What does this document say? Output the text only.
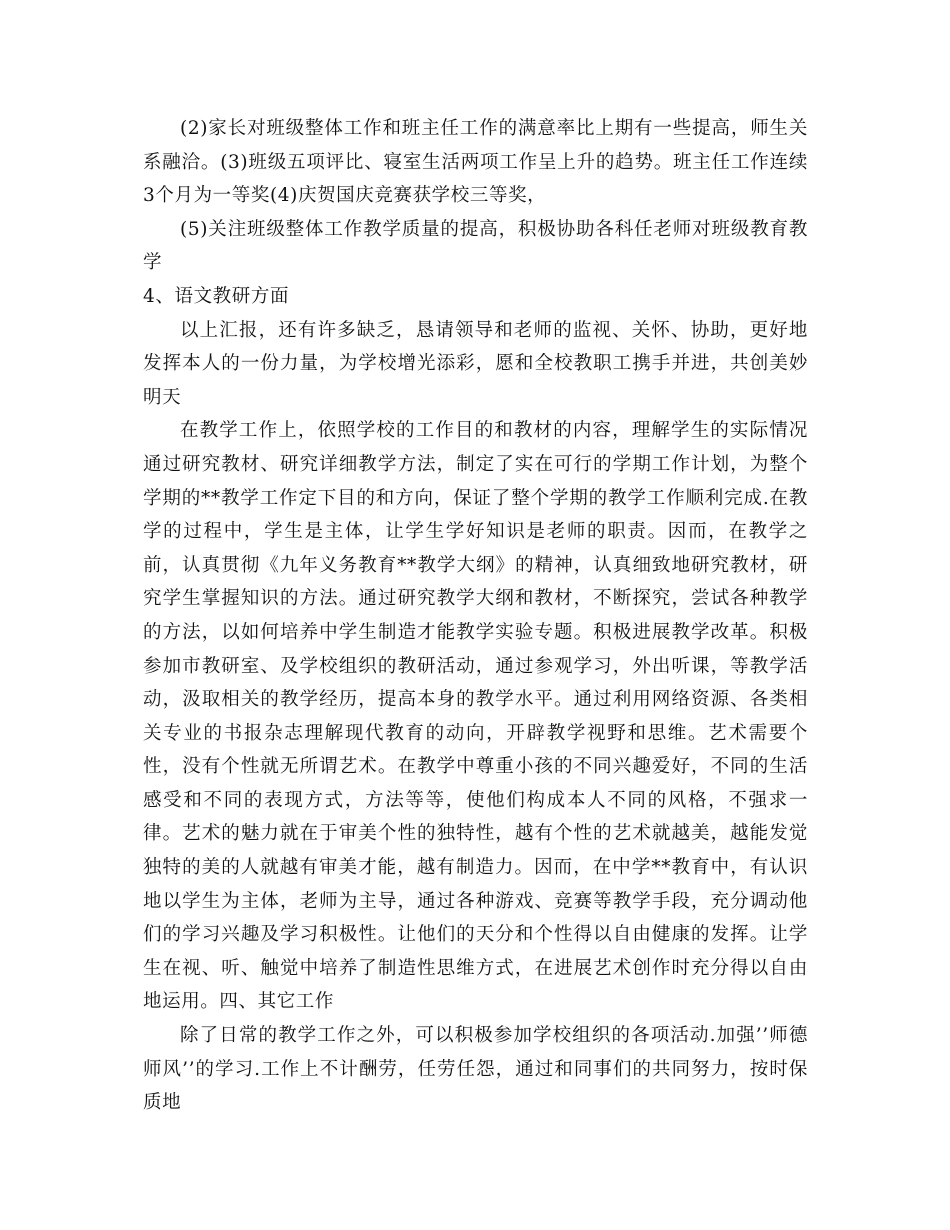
(2)家长对班级整体工作和班主任工作的满意率比上期有一些提高，师生关系融洽。(3)班级五项评比、寝室生活两项工作呈上升的趋势。班主任工作连续3个月为一等奖(4)庆贺国庆竞赛获学校三等奖，

(5)关注班级整体工作教学质量的提高，积极协助各科任老师对班级教育教学

4、语文教研方面

以上汇报，还有许多缺乏，恳请领导和老师的监视、关怀、协助，更好地发挥本人的一份力量，为学校增光添彩，愿和全校教职工携手并进，共创美妙明天

在教学工作上，依照学校的工作目的和教材的内容，理解学生的实际情况通过研究教材、研究详细教学方法，制定了实在可行的学期工作计划，为整个学期的**教学工作定下目的和方向，保证了整个学期的教学工作顺利完成.在教学的过程中，学生是主体，让学生学好知识是老师的职责。因而，在教学之前，认真贯彻《九年义务教育**教学大纲》的精神，认真细致地研究教材，研究学生掌握知识的方法。通过研究教学大纲和教材，不断探究，尝试各种教学的方法，以如何培养中学生制造才能教学实验专题。积极进展教学改革。积极参加市教研室、及学校组织的教研活动，通过参观学习，外出听课，等教学活动，汲取相关的教学经历，提高本身的教学水平。通过利用网络资源、各类相关专业的书报杂志理解现代教育的动向，开辟教学视野和思维。艺术需要个性，没有个性就无所谓艺术。在教学中尊重小孩的不同兴趣爱好，不同的生活感受和不同的表现方式，方法等等，使他们构成本人不同的风格，不强求一律。艺术的魅力就在于审美个性的独特性，越有个性的艺术就越美，越能发觉独特的美的人就越有审美才能，越有制造力。因而，在中学**教育中，有认识地以学生为主体，老师为主导，通过各种游戏、竞赛等教学手段，充分调动他们的学习兴趣及学习积极性。让他们的天分和个性得以自由健康的发挥。让学生在视、听、触觉中培养了制造性思维方式，在进展艺术创作时充分得以自由地运用。四、其它工作

除了日常的教学工作之外，可以积极参加学校组织的各项活动.加强’’师德师风’’的学习.工作上不计酬劳，任劳任怨，通过和同事们的共同努力，按时保质地
